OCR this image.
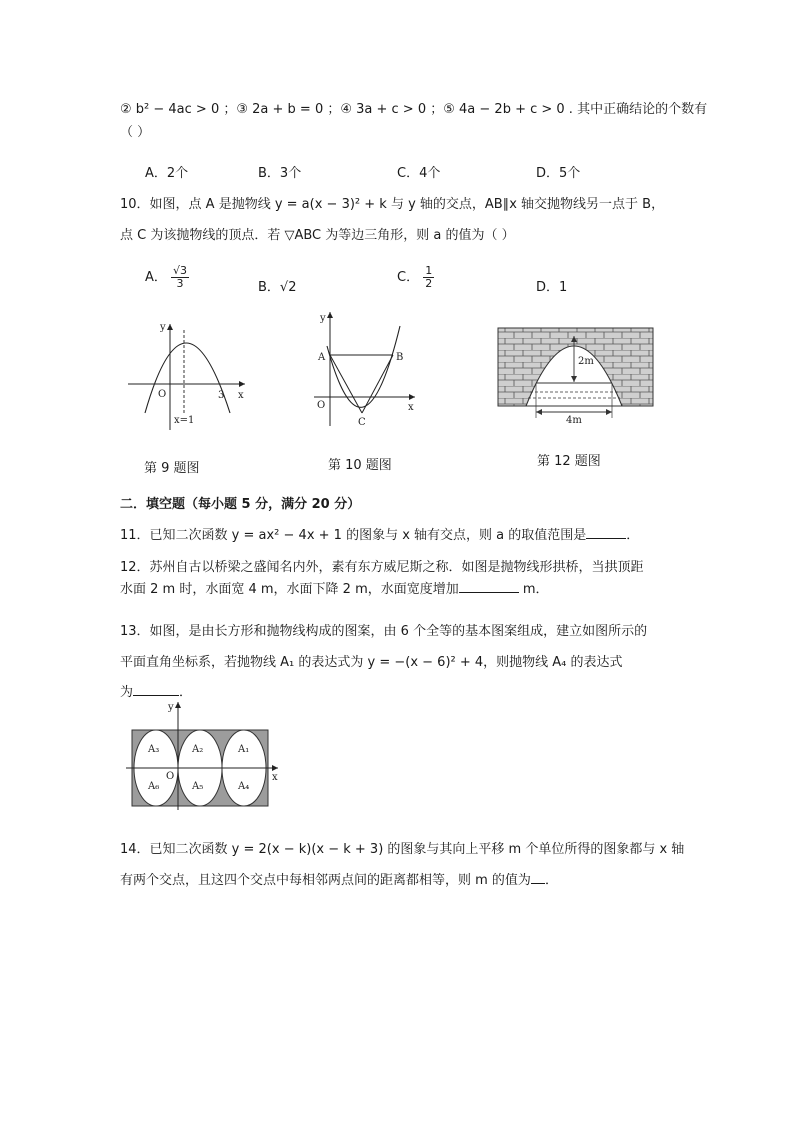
② b² − 4ac > 0 ；③ 2a + b = 0 ；④ 3a + c > 0 ；⑤ 4a − 2b + c > 0 . 其中正确结论的个数有
（ ）
A．2个	B．3个	C．4个	D．5个
10．如图，点 A 是抛物线 y = a(x − 3)² + k 与 y 轴的交点，AB∥x 轴交抛物线另一点于 B，
点 C 为该抛物线的顶点．若 ▽ABC 为等边三角形，则 a 的值为（ ）
A． $\frac{√3}{3}$	B．√2
C． $\frac{1}{2}$	D．1
y
x
O	3
x=1
第 9 题图
y
x
O
A	B
C
第 10 题图
2m
4m
第 12 题图
二．填空题（每小题 5 分，满分 20 分）
11．已知二次函数 y = ax² − 4x + 1 的图象与 x 轴有交点，则 a 的取值范围是	．
12．苏州自古以桥梁之盛闻名内外，素有东方威尼斯之称．如图是抛物线形拱桥，当拱顶距
水面 2 m 时，水面宽 4 m，水面下降 2 m，水面宽度增加	m．
13．如图，是由长方形和抛物线构成的图案，由 6 个全等的基本图案组成，建立如图所示的
平面直角坐标系，若抛物线 A₁ 的表达式为 y = −(x − 6)² + 4，则抛物线 A₄ 的表达式
为	．
A₃	A₂	A₁
A₆	A₅	A₄
O	x
y
14．已知二次函数 y = 2(x − k)(x − k + 3) 的图象与其向上平移 m 个单位所得的图象都与 x 轴
有两个交点，且这四个交点中每相邻两点间的距离都相等，则 m 的值为 ．
